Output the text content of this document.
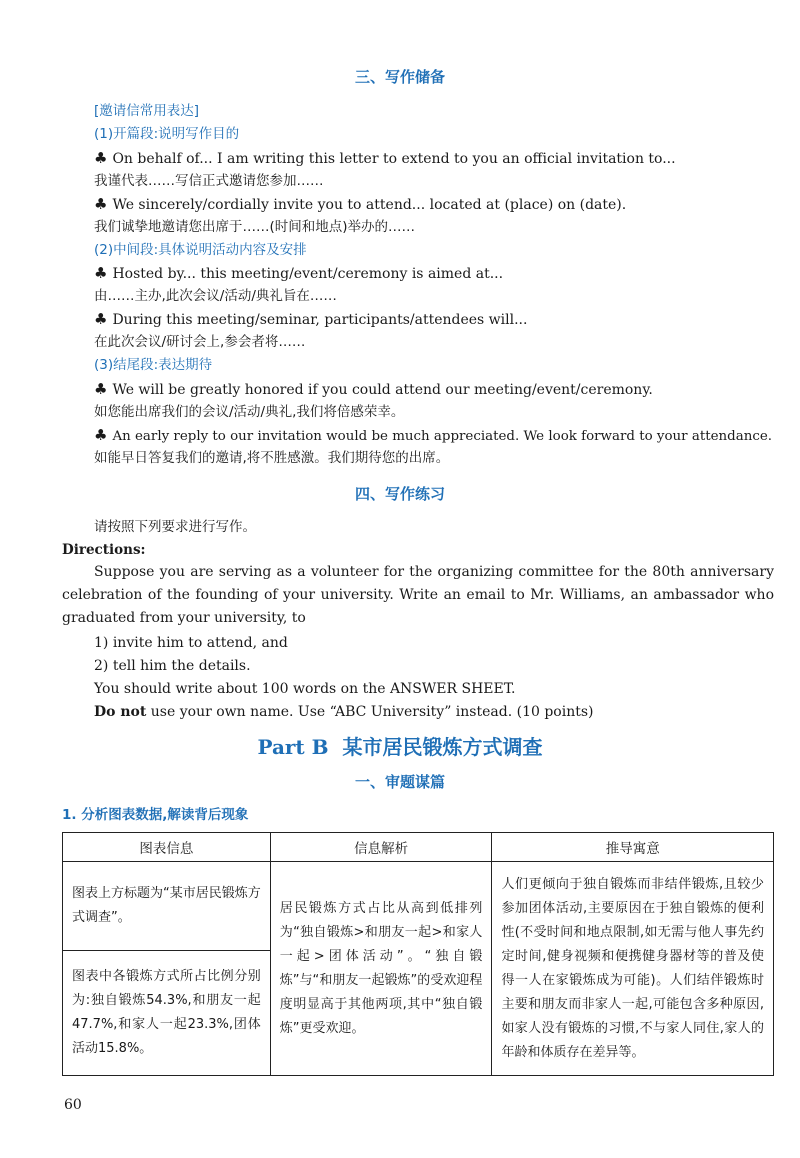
三、写作储备
[邀请信常用表达]
(1)开篇段:说明写作目的
♣ On behalf of... I am writing this letter to extend to you an official invitation to...
我谨代表……写信正式邀请您参加……
♣ We sincerely/cordially invite you to attend... located at (place) on (date).
我们诚挚地邀请您出席于……(时间和地点)举办的……
(2)中间段:具体说明活动内容及安排
♣ Hosted by... this meeting/event/ceremony is aimed at...
由……主办,此次会议/活动/典礼旨在……
♣ During this meeting/seminar, participants/attendees will...
在此次会议/研讨会上,参会者将……
(3)结尾段:表达期待
♣ We will be greatly honored if you could attend our meeting/event/ceremony.
如您能出席我们的会议/活动/典礼,我们将倍感荣幸。
♣ An early reply to our invitation would be much appreciated. We look forward to your attendance.
如能早日答复我们的邀请,将不胜感激。我们期待您的出席。
四、写作练习
请按照下列要求进行写作。
Directions:
Suppose you are serving as a volunteer for the organizing committee for the 80th anniversary celebration of the founding of your university. Write an email to Mr. Williams, an ambassador who graduated from your university, to
1) invite him to attend, and
2) tell him the details.
You should write about 100 words on the ANSWER SHEET.
Do not use your own name. Use “ABC University” instead. (10 points)
Part B 某市居民锻炼方式调查
一、审题谋篇
1. 分析图表数据,解读背后现象
图表信息	信息解析	推导寓意
图表上方标题为“某市居民锻炼方式调查”。	居民锻炼方式占比从高到低排列为“独自锻炼>和朋友一起>和家人一起>团体活动”。“独自锻炼”与“和朋友一起锻炼”的受欢迎程度明显高于其他两项,其中“独自锻炼”更受欢迎。	人们更倾向于独自锻炼而非结伴锻炼,且较少参加团体活动,主要原因在于独自锻炼的便利性(不受时间和地点限制,如无需与他人事先约定时间,健身视频和便携健身器材等的普及使得一人在家锻炼成为可能)。人们结伴锻炼时主要和朋友而非家人一起,可能包含多种原因,如家人没有锻炼的习惯,不与家人同住,家人的年龄和体质存在差异等。
图表中各锻炼方式所占比例分别为:独自锻炼54.3%,和朋友一起47.7%,和家人一起23.3%,团体活动15.8%。		
60
